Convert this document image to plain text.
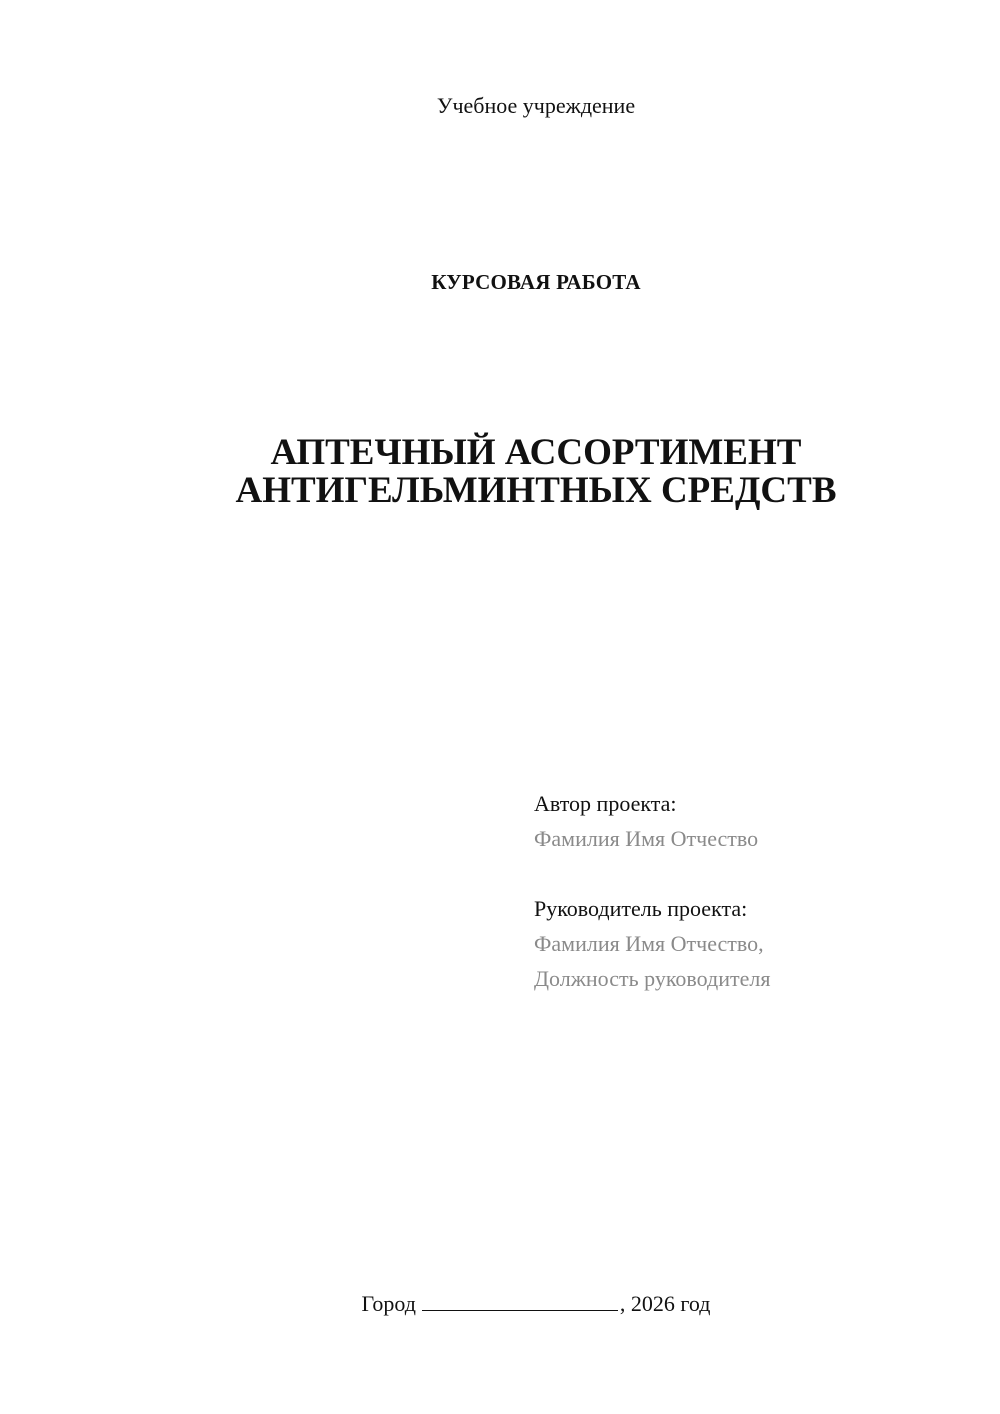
Учебное учреждение
КУРСОВАЯ РАБОТА
АПТЕЧНЫЙ АССОРТИМЕНТ
АНТИГЕЛЬМИНТНЫХ СРЕДСТВ
Автор проекта:
Фамилия Имя Отчество
Руководитель проекта:
Фамилия Имя Отчество,
Должность руководителя
Город	, 2026 год
